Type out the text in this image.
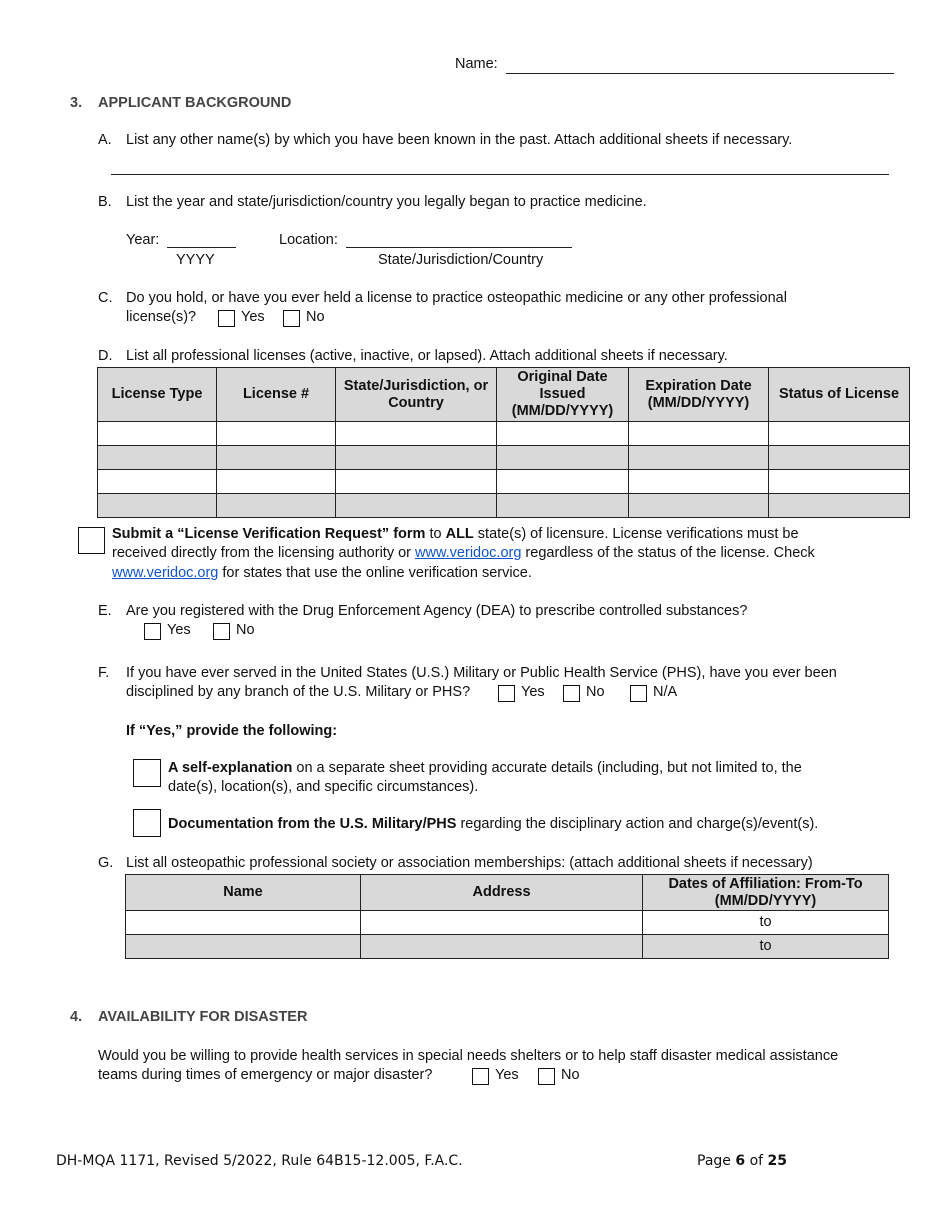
Name:
3. APPLICANT BACKGROUND
A. List any other name(s) by which you have been known in the past. Attach additional sheets if necessary.
B. List the year and state/jurisdiction/country you legally began to practice medicine.
Year:
YYYY
Location:
State/Jurisdiction/Country
C. Do you hold, or have you ever held a license to practice osteopathic medicine or any other professional
license(s)?	Yes	No
D. List all professional licenses (active, inactive, or lapsed). Attach additional sheets if necessary.
License Type	License #	State/Jurisdiction, or Country	Original Date Issued (MM/DD/YYYY)	Expiration Date (MM/DD/YYYY)	Status of License

Submit a “License Verification Request” form to ALL state(s) of licensure. License verifications must be
received directly from the licensing authority or www.veridoc.org regardless of the status of the license. Check
www.veridoc.org for states that use the online verification service.
E. Are you registered with the Drug Enforcement Agency (DEA) to prescribe controlled substances?
Yes	No
F. If you have ever served in the United States (U.S.) Military or Public Health Service (PHS), have you ever been
disciplined by any branch of the U.S. Military or PHS?	Yes	No	N/A
If “Yes,” provide the following:
A self-explanation on a separate sheet providing accurate details (including, but not limited to, the
date(s), location(s), and specific circumstances).
Documentation from the U.S. Military/PHS regarding the disciplinary action and charge(s)/event(s).
G. List all osteopathic professional society or association memberships: (attach additional sheets if necessary)
Name	Address	Dates of Affiliation: From-To (MM/DD/YYYY)
		to
		to
4. AVAILABILITY FOR DISASTER
Would you be willing to provide health services in special needs shelters or to help staff disaster medical assistance
teams during times of emergency or major disaster?	Yes	No
DH-MQA 1171, Revised 5/2022, Rule 64B15-12.005, F.A.C.	Page 6 of 25
